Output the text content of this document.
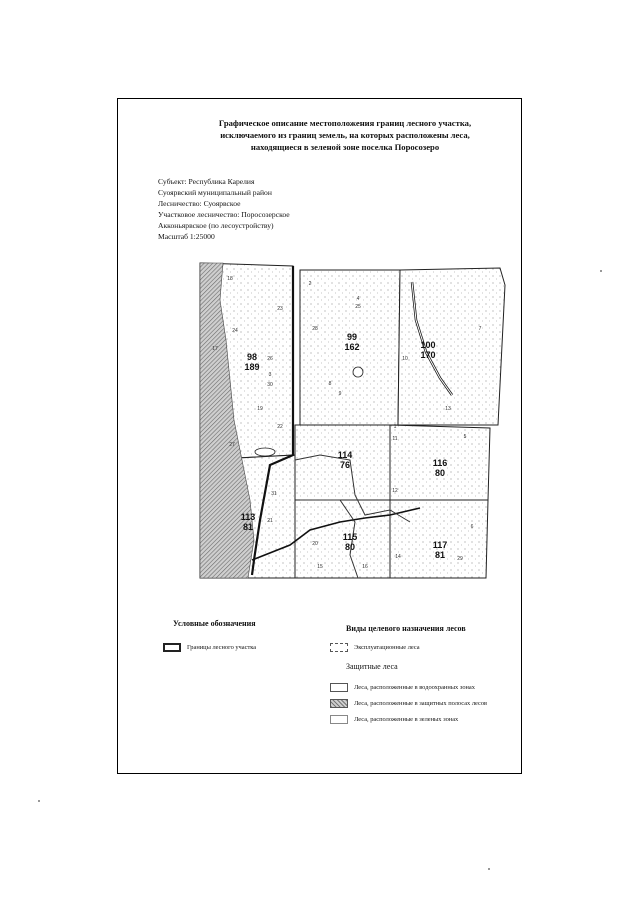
Графическое описание местоположения границ лесного участка,
исключаемого из границ земель, на которых расположены леса,
находящиеся в зеленой зоне поселка Поросозеро
Субъект: Республика Карелия
Суоярвский муниципальный район
Лесничество: Суоярвское
Участковое лесничество: Поросозерское
Акконьярвское (по лесоустройству)
Масштаб 1:25000
98
189
99
162	100
170
114
76	116
80
113
81
115
80	117
81
18
2
4
25
23
24
26
3
8
9
10
11
12
13
14
15	16
17
19
20
21
22	1
5
6
7
27
28
29
30
31
Условные обозначения
Виды целевого назначения лесов
Границы лесного участка	Эксплуатационные леса
Защитные леса
Леса, расположенные в водоохранных зонах
Леса, расположенные в защитных полосах лесов
Леса, расположенные в зеленых зонах
